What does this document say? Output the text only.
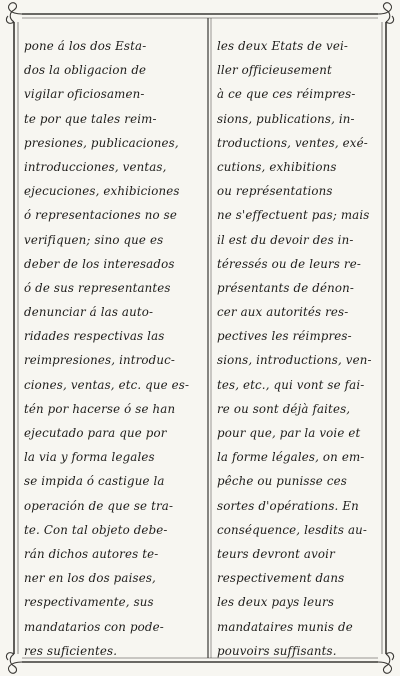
pone á los dos Esta-
dos la obligacion de
vigilar oficiosamen-
te por que tales reim-
presiones, publicaciones,
introducciones, ventas,
ejecuciones, exhibiciones
ó representaciones no se
verifiquen; sino que es
deber de los interesados
ó de sus representantes
denunciar á las auto-
ridades respectivas las
reimpresiones, introduc-
ciones, ventas, etc. que es-
tén por hacerse ó se han
ejecutado para que por
la via y forma legales
se impida ó castigue la
operación de que se tra-
te. Con tal objeto debe-
rán dichos autores te-
ner en los dos paises,
respectivamente, sus
mandatarios con pode-
res suficientes.
les deux Etats de vei-
ller officieusement
à ce que ces réimpres-
sions, publications, in-
troductions, ventes, exé-
cutions, exhibitions
ou représentations
ne s'effectuent pas; mais
il est du devoir des in-
téressés ou de leurs re-
présentants de dénon-
cer aux autorités res-
pectives les réimpres-
sions, introductions, ven-
tes, etc., qui vont se fai-
re ou sont déjà faites,
pour que, par la voie et
la forme légales, on em-
pêche ou punisse ces
sortes d'opérations. En
conséquence, lesdits au-
teurs devront avoir
respectivement dans
les deux pays leurs
mandataires munis de
pouvoirs suffisants.
